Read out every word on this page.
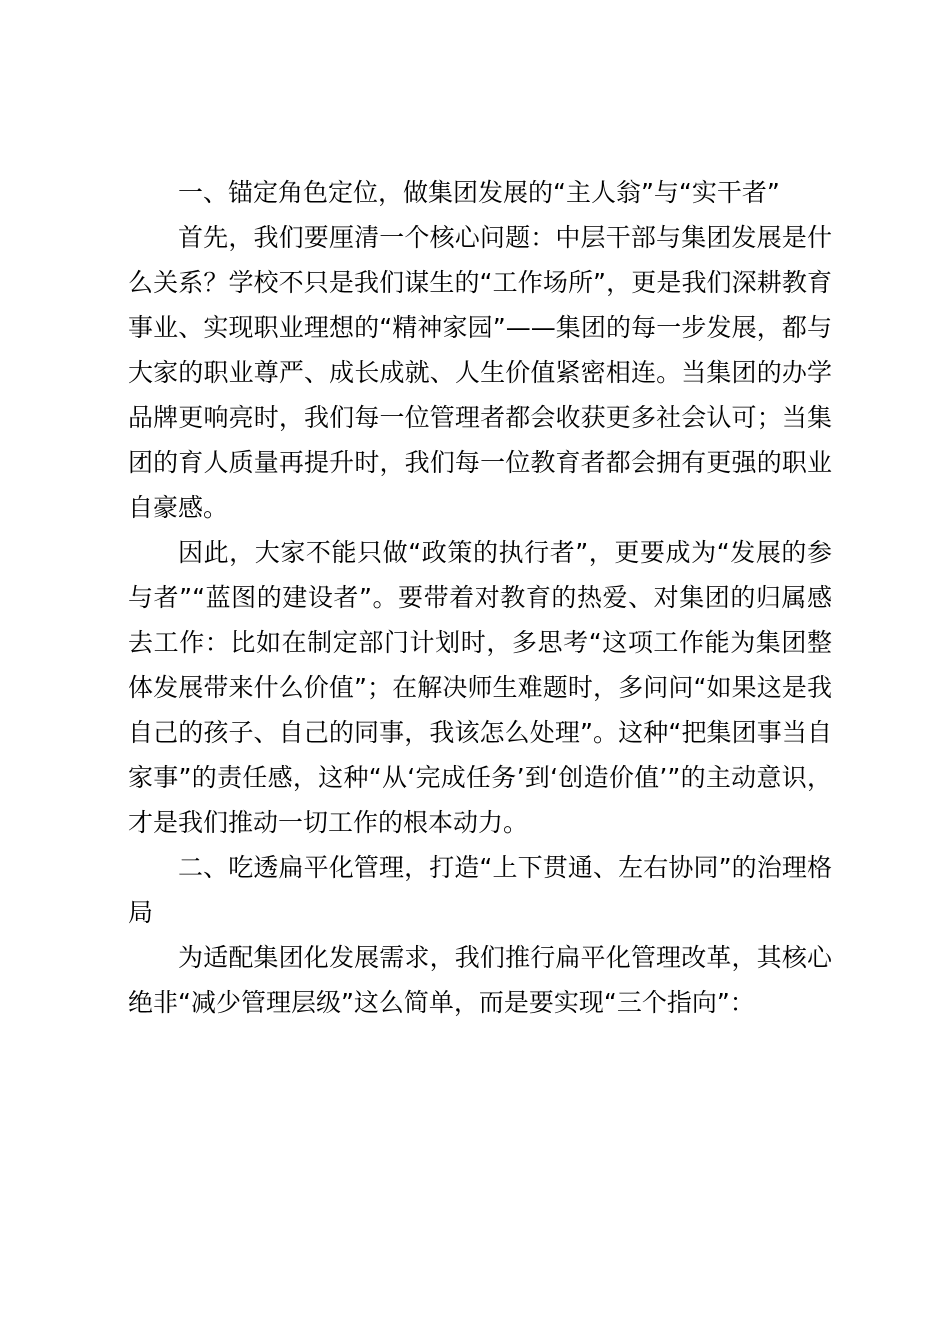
一、锚定角色定位，做集团发展的“主人翁”与“实干者”

首先，我们要厘清一个核心问题：中层干部与集团发展是什么关系？学校不只是我们谋生的“工作场所”，更是我们深耕教育事业、实现职业理想的“精神家园”——集团的每一步发展，都与大家的职业尊严、成长成就、人生价值紧密相连。当集团的办学品牌更响亮时，我们每一位管理者都会收获更多社会认可；当集团的育人质量再提升时，我们每一位教育者都会拥有更强的职业自豪感。

因此，大家不能只做“政策的执行者”，更要成为“发展的参与者”“蓝图的建设者”。要带着对教育的热爱、对集团的归属感去工作：比如在制定部门计划时，多思考“这项工作能为集团整体发展带来什么价值”；在解决师生难题时，多问问“如果这是我自己的孩子、自己的同事，我该怎么处理”。这种“把集团事当自家事”的责任感，这种“从‘完成任务’到‘创造价值’”的主动意识，才是我们推动一切工作的根本动力。

二、吃透扁平化管理，打造“上下贯通、左右协同”的治理格局

为适配集团化发展需求，我们推行扁平化管理改革，其核心绝非“减少管理层级”这么简单，而是要实现“三个指向”：
